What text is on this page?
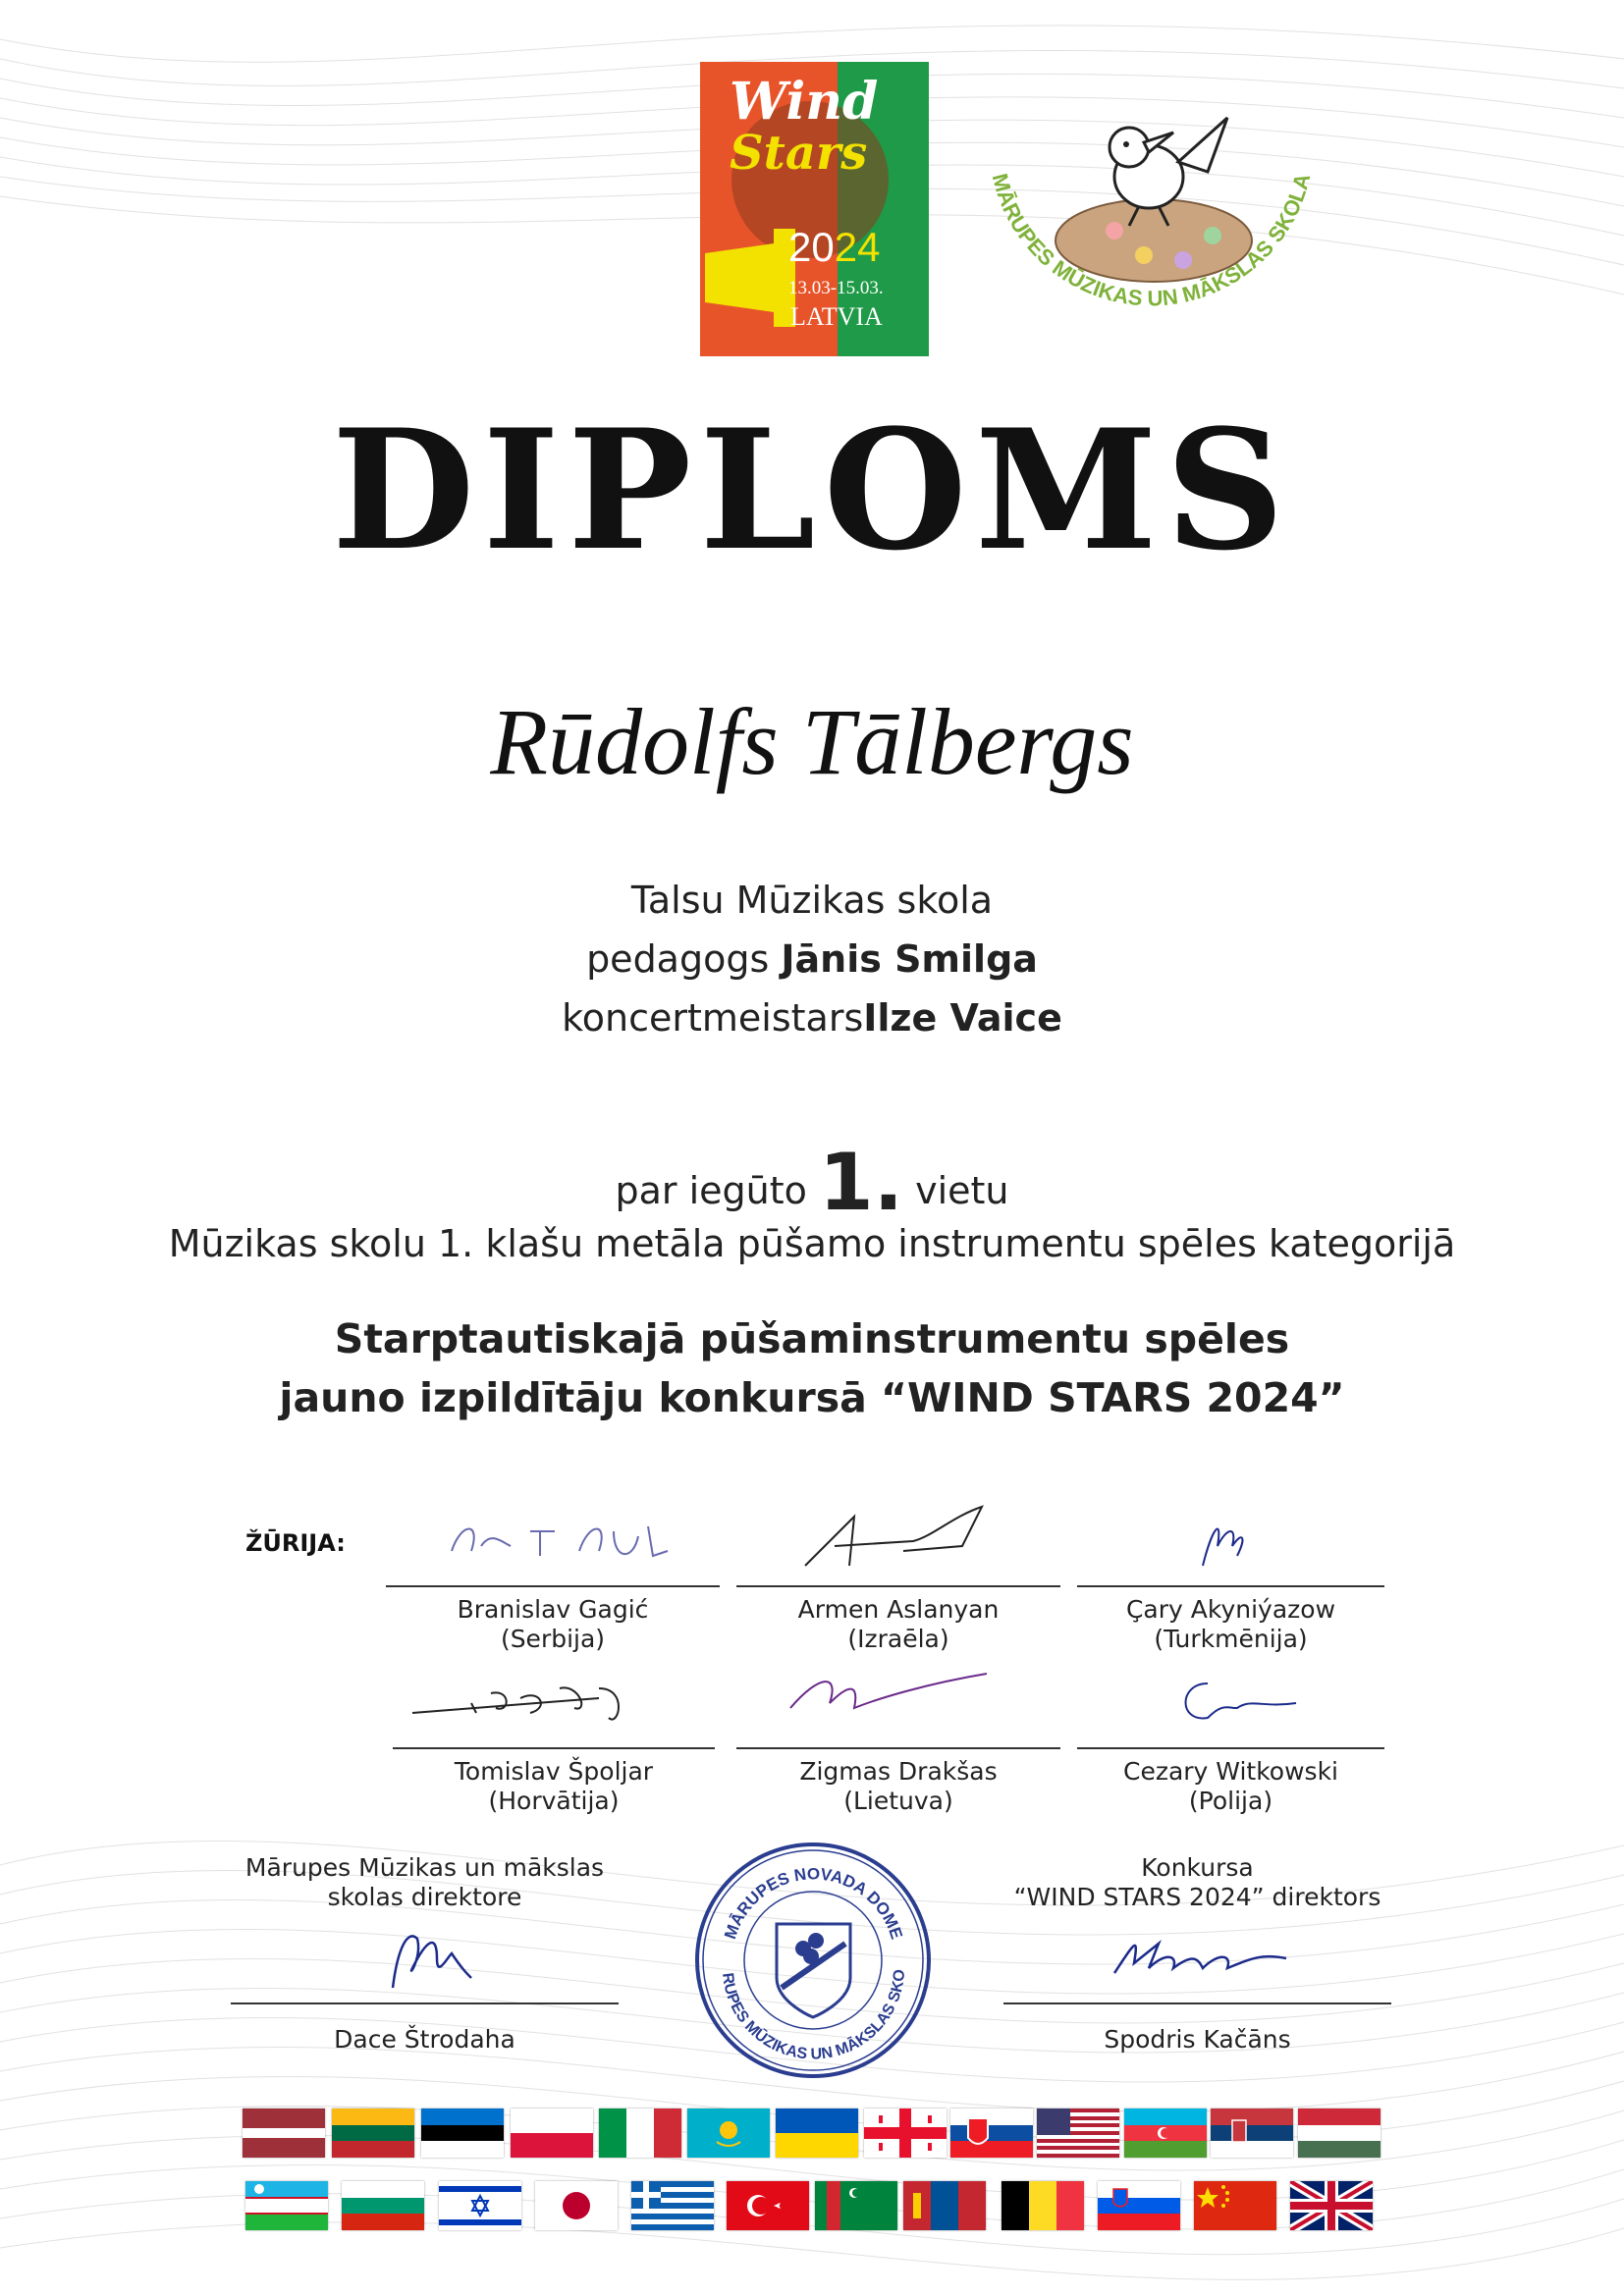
Wind
Stars
2024
13.03-15.03.
LATVIA
MĀRUPES MŪZIKAS UN MĀKSLAS SKOLA
DIPLOMS
Rūdolfs Tālbergs
Talsu Mūzikas skola
pedagogs Jānis Smilga
koncertmeistarsIlze Vaice
par iegūto 1. vietu
Mūzikas skolu 1. klašu metāla pūšamo instrumentu spēles kategorijā
Starptautiskajā pūšaminstrumentu spēles
jauno izpildītāju konkursā “WIND STARS 2024”
ŽŪRIJA:
Branislav Gagić
(Serbija)
Armen Aslanyan
(Izraēla)
Çary Akyniýazow
(Turkmēnija)
Tomislav Špoljar
(Horvātija)
Zigmas Drakšas
(Lietuva)
Cezary Witkowski
(Polija)
Mārupes Mūzikas un mākslas
skolas direktore
Dace Štrodaha
MĀRUPES NOVADA DOME
RUPES MŪZIKAS UN MĀKSLAS SKO
Konkursa
“WIND STARS 2024” direktors
Spodris Kačāns
